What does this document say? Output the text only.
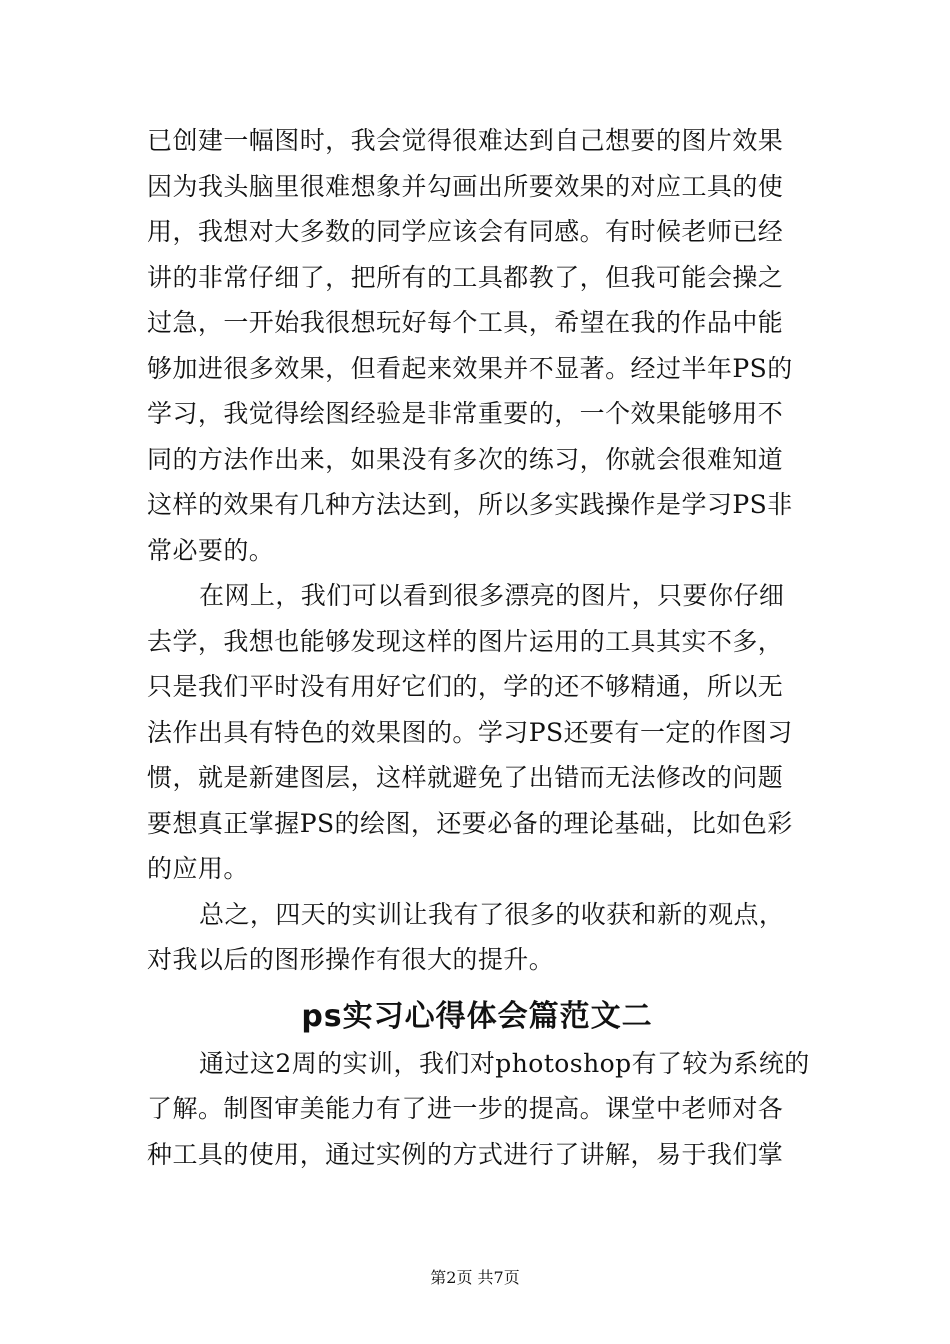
已创建一幅图时，我会觉得很难达到自己想要的图片效果
因为我头脑里很难想象并勾画出所要效果的对应工具的使
用，我想对大多数的同学应该会有同感。有时候老师已经
讲的非常仔细了，把所有的工具都教了，但我可能会操之
过急，一开始我很想玩好每个工具，希望在我的作品中能
够加进很多效果，但看起来效果并不显著。经过半年PS的
学习，我觉得绘图经验是非常重要的，一个效果能够用不
同的方法作出来，如果没有多次的练习，你就会很难知道
这样的效果有几种方法达到，所以多实践操作是学习PS非
常必要的。
在网上，我们可以看到很多漂亮的图片，只要你仔细
去学，我想也能够发现这样的图片运用的工具其实不多，
只是我们平时没有用好它们的，学的还不够精通，所以无
法作出具有特色的效果图的。学习PS还要有一定的作图习
惯，就是新建图层，这样就避免了出错而无法修改的问题
要想真正掌握PS的绘图，还要必备的理论基础，比如色彩
的应用。
总之，四天的实训让我有了很多的收获和新的观点，
对我以后的图形操作有很大的提升。
ps实习心得体会篇范文二
通过这2周的实训，我们对photoshop有了较为系统的
了解。制图审美能力有了进一步的提高。课堂中老师对各
种工具的使用，通过实例的方式进行了讲解，易于我们掌
第2页 共7页
